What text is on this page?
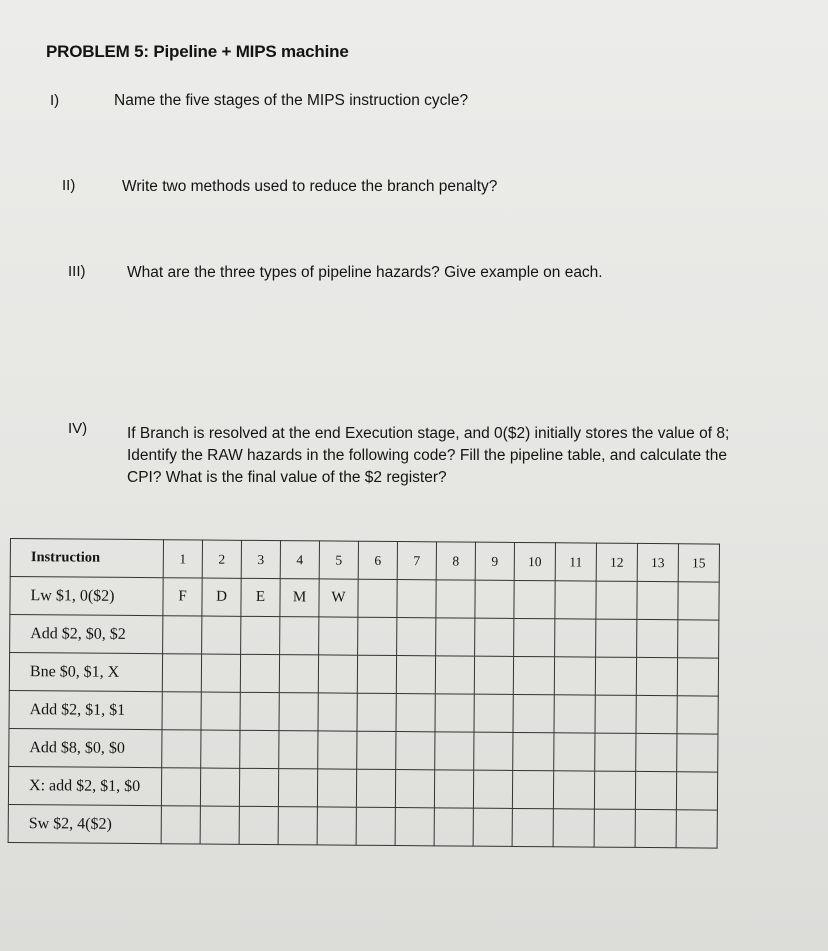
PROBLEM 5: Pipeline + MIPS machine
I)	Name the five stages of the MIPS instruction cycle?
II)	Write two methods used to reduce the branch penalty?
III)	What are the three types of pipeline hazards? Give example on each.
IV)	If Branch is resolved at the end Execution stage, and 0($2) initially stores the value of 8; Identify the RAW hazards in the following code? Fill the pipeline table, and calculate the CPI? What is the final value of the $2 register?
Instruction	1	2	3	4	5	6	7	8	9	10	11	12	13	15
Lw $1, 0($2)	F	D	E	M	W									
Add $2, $0, $2														
Bne $0, $1, X														
Add $2, $1, $1														
Add $8, $0, $0														
X: add $2, $1, $0														
Sw $2, 4($2)														
